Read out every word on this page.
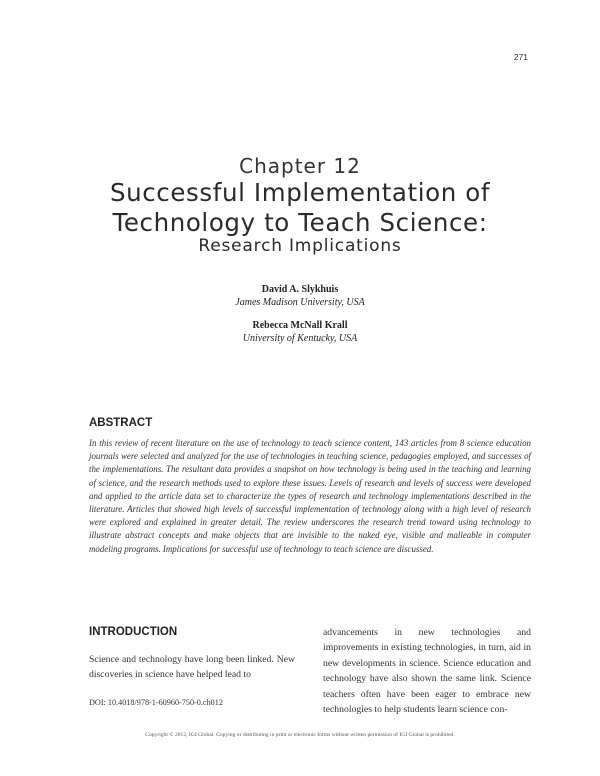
271
Chapter 12
Successful Implementation of
Technology to Teach Science:
Research Implications
David A. Slykhuis
James Madison University, USA
Rebecca McNall Krall
University of Kentucky, USA
ABSTRACT
In this review of recent literature on the use of technology to teach science content, 143 articles from 8 science education journals were selected and analyzed for the use of technologies in teaching science, pedagogies employed, and successes of the implementations. The resultant data provides a snapshot on how technology is being used in the teaching and learning of science, and the research methods used to explore these issues. Levels of research and levels of success were developed and applied to the article data set to characterize the types of research and technology implementations described in the literature. Articles that showed high levels of successful implementation of technology along with a high level of research were explored and explained in greater detail. The review underscores the research trend toward using technology to illustrate abstract concepts and make objects that are invisible to the naked eye, visible and malleable in computer modeling programs. Implications for successful use of technology to teach science are discussed.
INTRODUCTION
Science and technology have long been linked. New discoveries in science have helped lead to
advancements in new technologies and improvements in existing technologies, in turn, aid in new developments in science. Science education and technology have also shown the same link. Science teachers often have been eager to embrace new technologies to help students learn science con-
DOI: 10.4018/978-1-60960-750-0.ch012
Copyright © 2012, IGI Global. Copying or distributing in print or electronic forms without written permission of IGI Global is prohibited.
